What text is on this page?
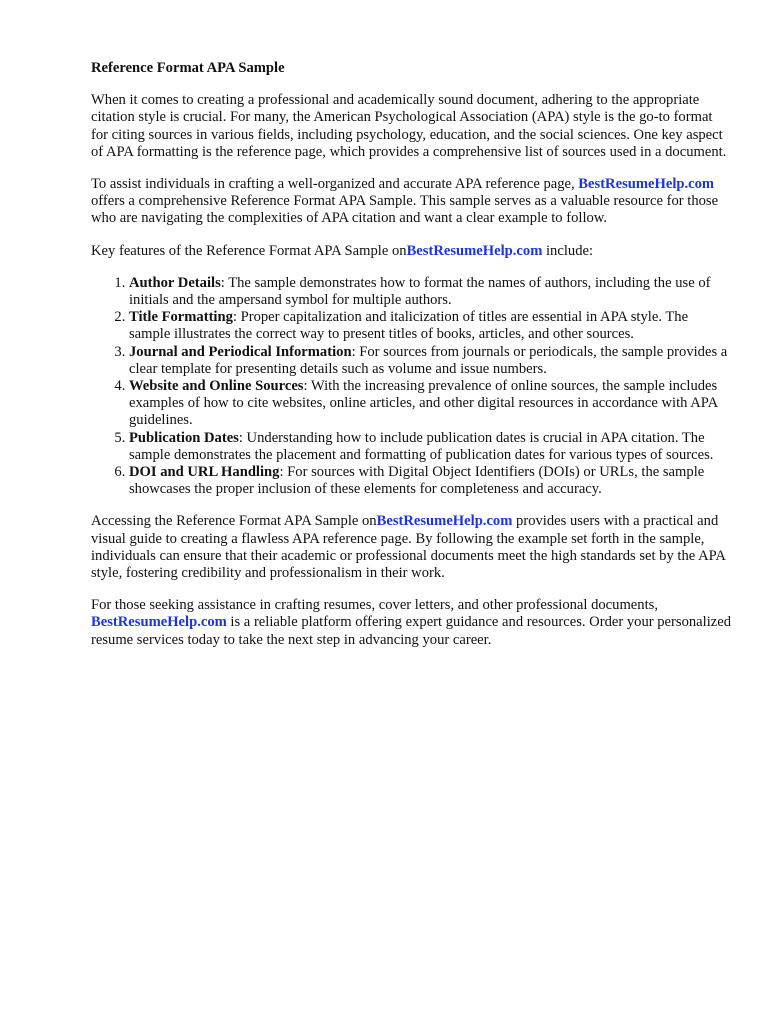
Reference Format APA Sample

When it comes to creating a professional and academically sound document, adhering to the appropriate citation style is crucial. For many, the American Psychological Association (APA) style is the go-to format for citing sources in various fields, including psychology, education, and the social sciences. One key aspect of APA formatting is the reference page, which provides a comprehensive list of sources used in a document.

To assist individuals in crafting a well-organized and accurate APA reference page, BestResumeHelp.com offers a comprehensive Reference Format APA Sample. This sample serves as a valuable resource for those who are navigating the complexities of APA citation and want a clear example to follow.

Key features of the Reference Format APA Sample onBestResumeHelp.com include:

1. Author Details: The sample demonstrates how to format the names of authors, including the use of initials and the ampersand symbol for multiple authors.
2. Title Formatting: Proper capitalization and italicization of titles are essential in APA style. The sample illustrates the correct way to present titles of books, articles, and other sources.
3. Journal and Periodical Information: For sources from journals or periodicals, the sample provides a clear template for presenting details such as volume and issue numbers.
4. Website and Online Sources: With the increasing prevalence of online sources, the sample includes examples of how to cite websites, online articles, and other digital resources in accordance with APA guidelines.
5. Publication Dates: Understanding how to include publication dates is crucial in APA citation. The sample demonstrates the placement and formatting of publication dates for various types of sources.
6. DOI and URL Handling: For sources with Digital Object Identifiers (DOIs) or URLs, the sample showcases the proper inclusion of these elements for completeness and accuracy.

Accessing the Reference Format APA Sample onBestResumeHelp.com provides users with a practical and visual guide to creating a flawless APA reference page. By following the example set forth in the sample, individuals can ensure that their academic or professional documents meet the high standards set by the APA style, fostering credibility and professionalism in their work.

For those seeking assistance in crafting resumes, cover letters, and other professional documents, BestResumeHelp.com is a reliable platform offering expert guidance and resources. Order your personalized resume services today to take the next step in advancing your career.
